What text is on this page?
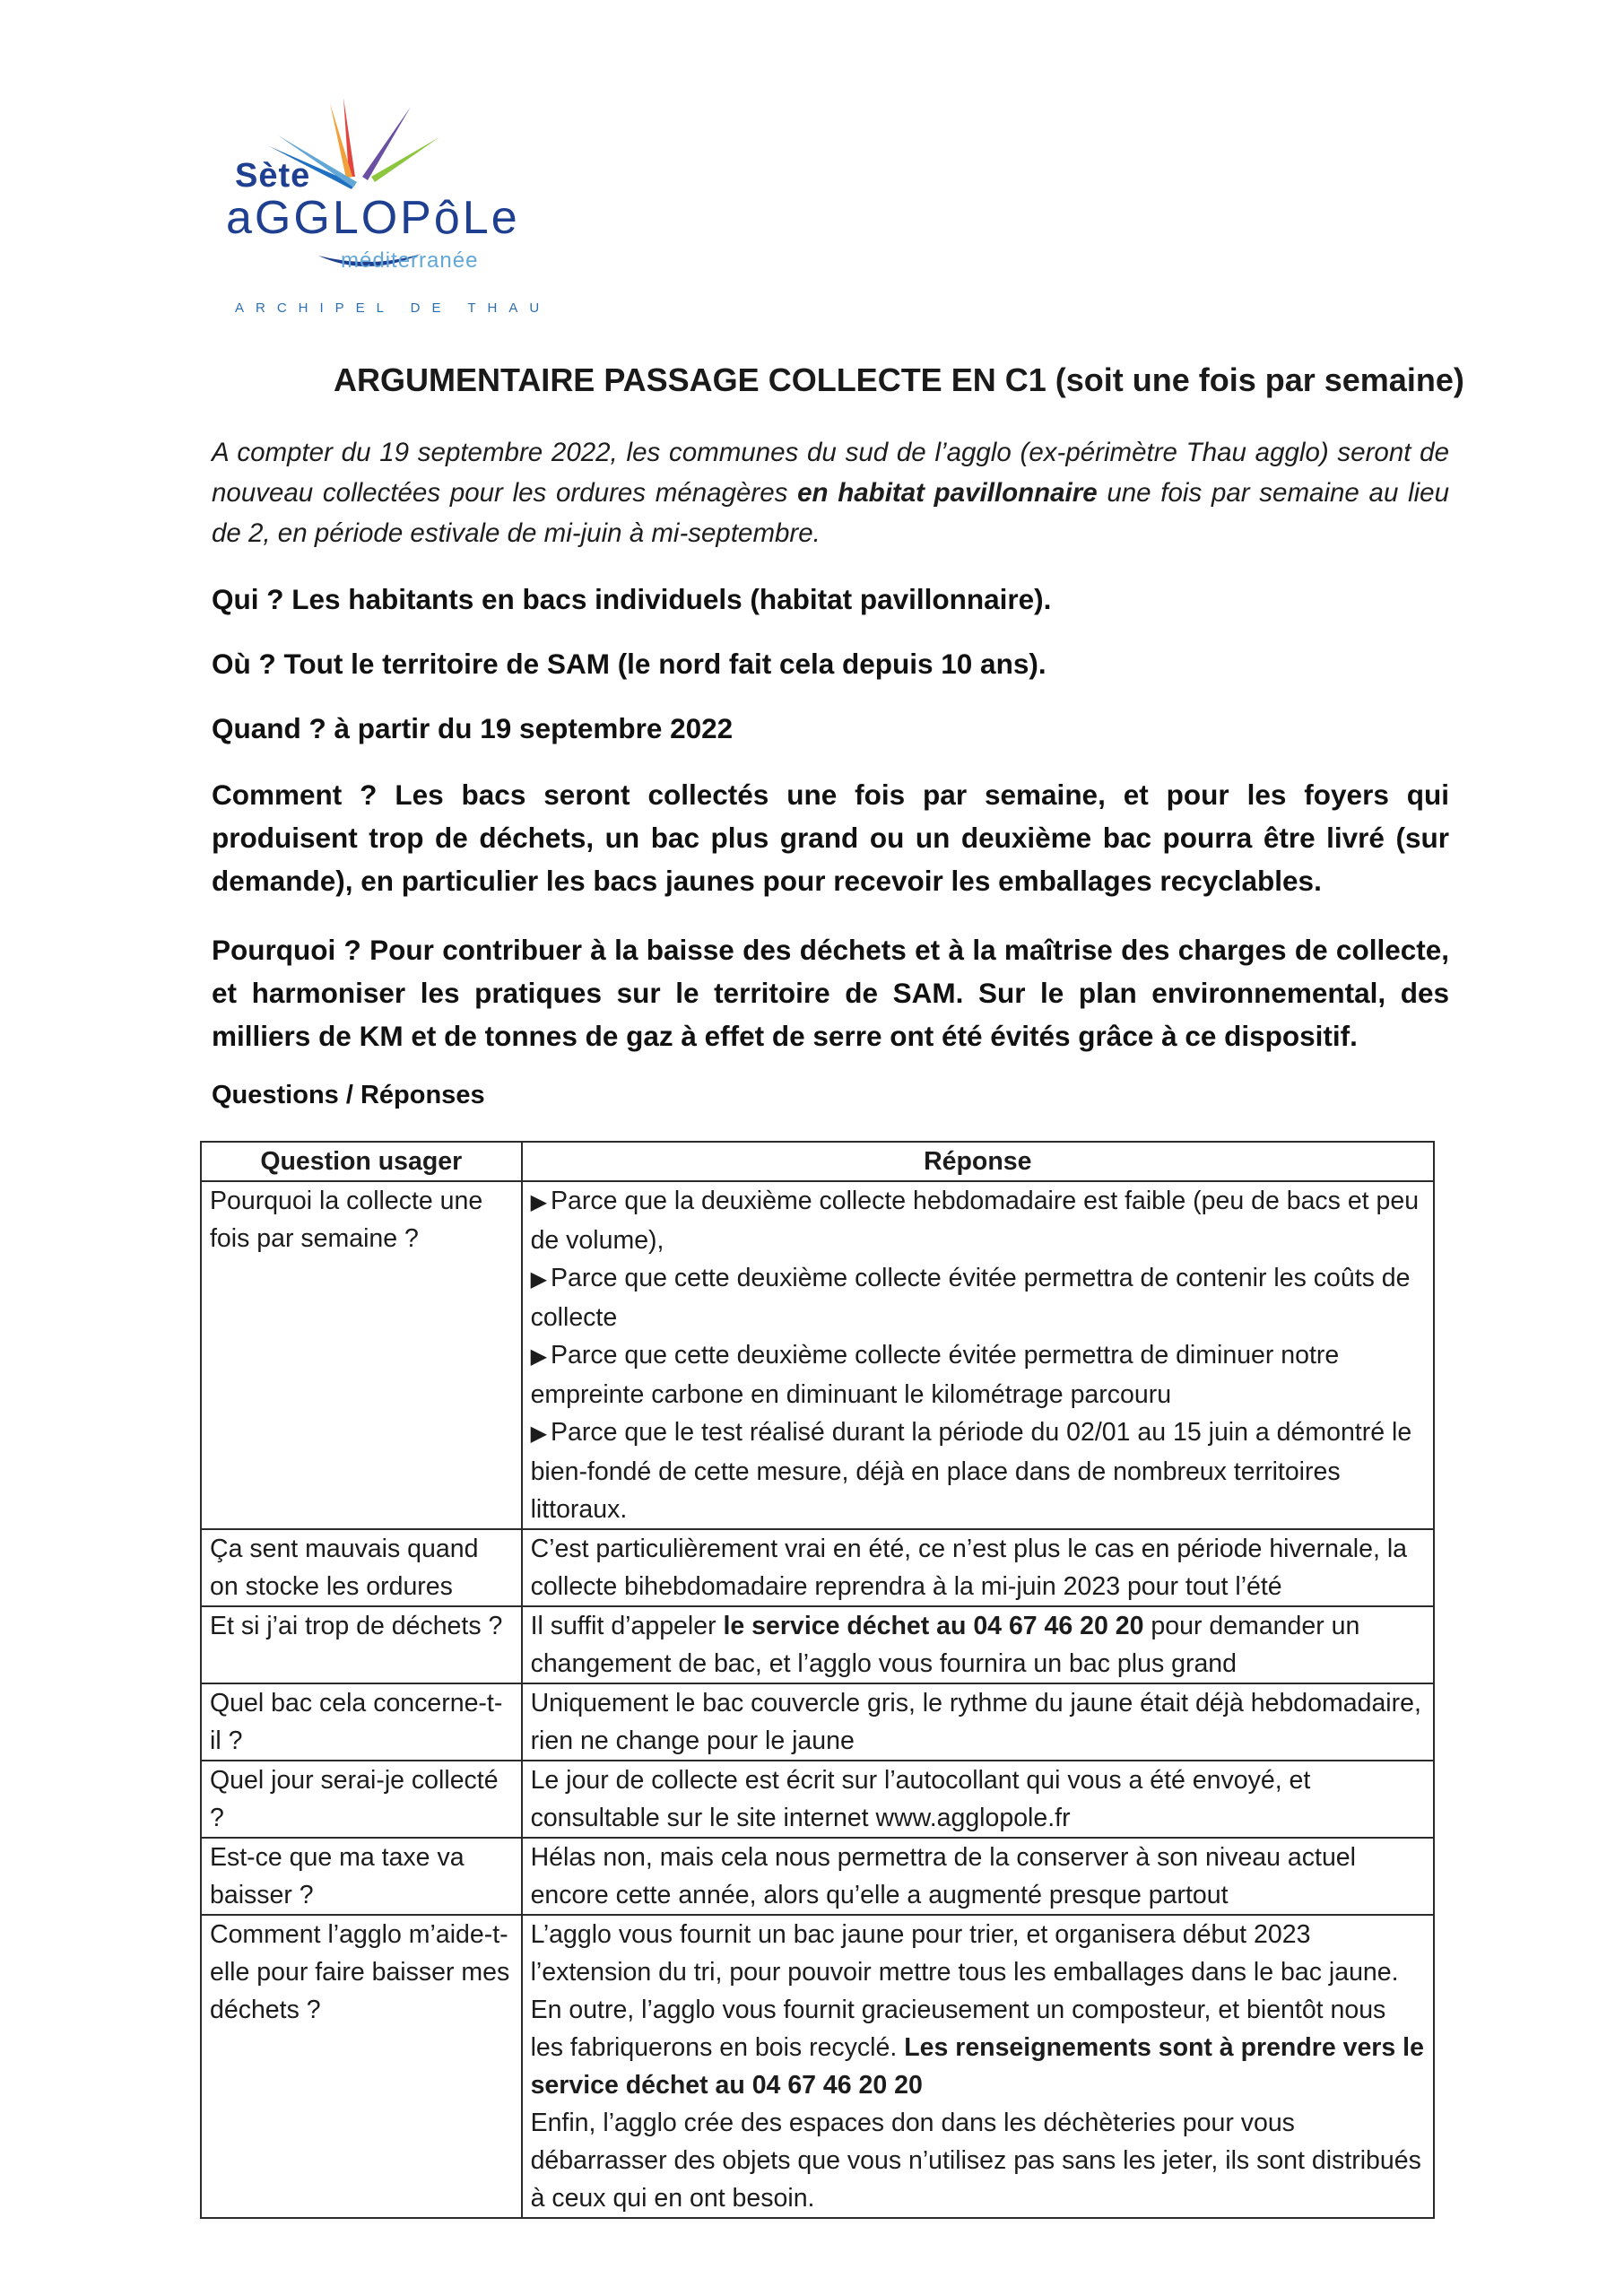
Sète
aGGLOPôLe
méditerranée
ARCHIPEL DE THAU
ARGUMENTAIRE PASSAGE COLLECTE EN C1 (soit une fois par semaine)

A compter du 19 septembre 2022, les communes du sud de l’agglo (ex-périmètre Thau agglo) seront de nouveau collectées pour les ordures ménagères en habitat pavillonnaire une fois par semaine au lieu de 2, en période estivale de mi-juin à mi-septembre.

Qui ? Les habitants en bacs individuels (habitat pavillonnaire).

Où ? Tout le territoire de SAM (le nord fait cela depuis 10 ans).

Quand ? à partir du 19 septembre 2022

Comment ? Les bacs seront collectés une fois par semaine, et pour les foyers qui produisent trop de déchets, un bac plus grand ou un deuxième bac pourra être livré (sur demande), en particulier les bacs jaunes pour recevoir les emballages recyclables.

Pourquoi ? Pour contribuer à la baisse des déchets et à la maîtrise des charges de collecte, et harmoniser les pratiques sur le territoire de SAM. Sur le plan environnemental, des milliers de KM et de tonnes de gaz à effet de serre ont été évités grâce à ce dispositif.

Questions / Réponses
Question usager	Réponse
Pourquoi la collecte une fois par semaine ?	▶ Parce que la deuxième collecte hebdomadaire est faible (peu de bacs et peu de volume),
▶ Parce que cette deuxième collecte évitée permettra de contenir les coûts de collecte
▶ Parce que cette deuxième collecte évitée permettra de diminuer notre empreinte carbone en diminuant le kilométrage parcouru
▶ Parce que le test réalisé durant la période du 02/01 au 15 juin a démontré le bien-fondé de cette mesure, déjà en place dans de nombreux territoires littoraux.

Ça sent mauvais quand on stocke les ordures	C’est particulièrement vrai en été, ce n’est plus le cas en période hivernale, la collecte bihebdomadaire reprendra à la mi-juin 2023 pour tout l’été
Et si j’ai trop de déchets ?	Il suffit d’appeler le service déchet au 04 67 46 20 20 pour demander un changement de bac, et l’agglo vous fournira un bac plus grand
Quel bac cela concerne-t-il ?	Uniquement le bac couvercle gris, le rythme du jaune était déjà hebdomadaire, rien ne change pour le jaune
Quel jour serai-je collecté ?	Le jour de collecte est écrit sur l’autocollant qui vous a été envoyé, et consultable sur le site internet www.agglopole.fr
Est-ce que ma taxe va baisser ?	Hélas non, mais cela nous permettra de la conserver à son niveau actuel encore cette année, alors qu’elle a augmenté presque partout
Comment l’agglo m’aide-t-elle pour faire baisser mes déchets ?	L’agglo vous fournit un bac jaune pour trier, et organisera début 2023 l’extension du tri, pour pouvoir mettre tous les emballages dans le bac jaune.
En outre, l’agglo vous fournit gracieusement un composteur, et bientôt nous les fabriquerons en bois recyclé. Les renseignements sont à prendre vers le service déchet au 04 67 46 20 20
Enfin, l’agglo crée des espaces don dans les déchèteries pour vous débarrasser des objets que vous n’utilisez pas sans les jeter, ils sont distribués à ceux qui en ont besoin.
